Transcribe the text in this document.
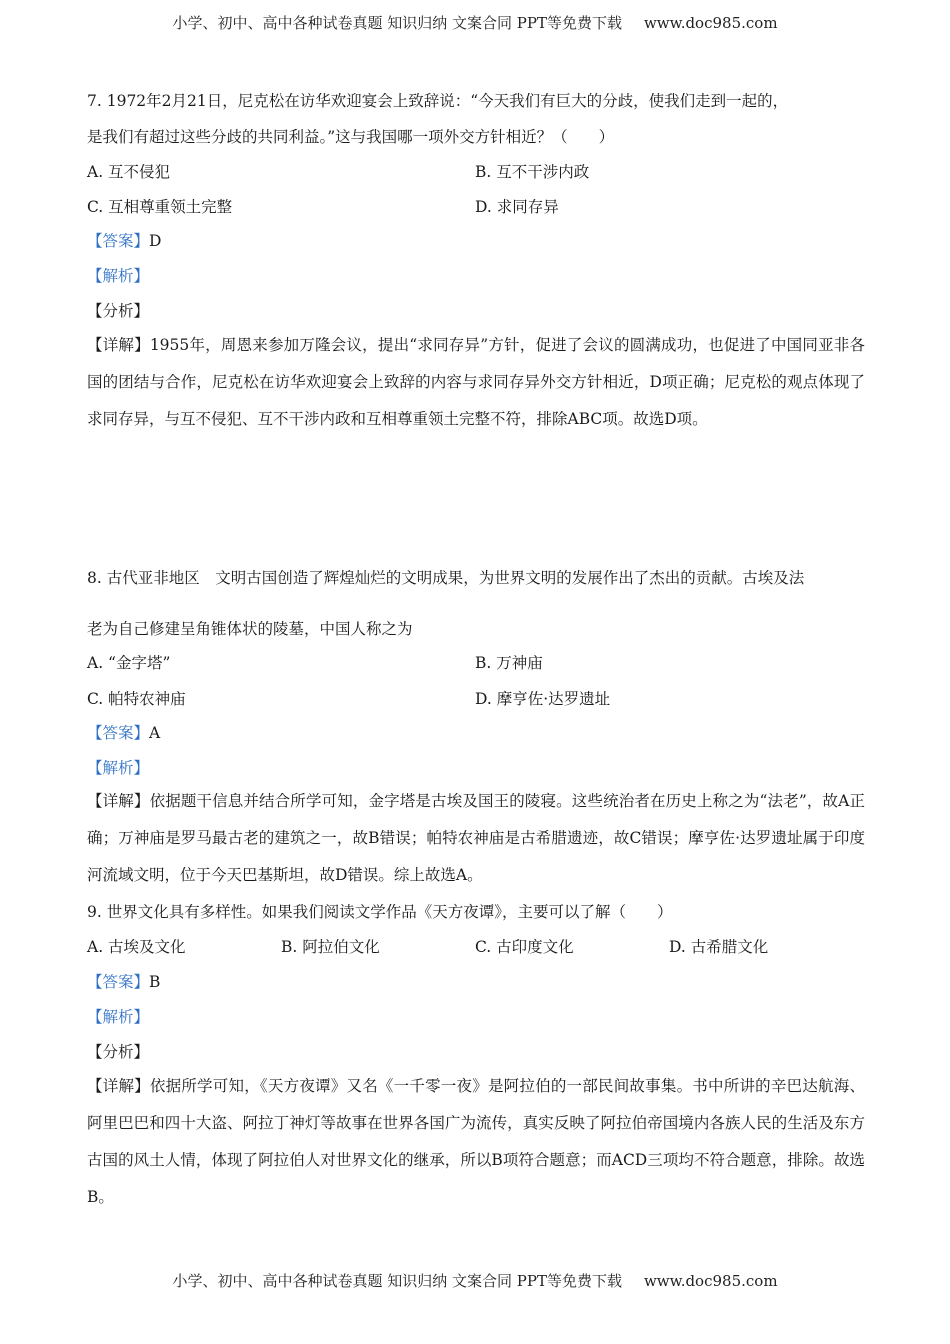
小学、初中、高中各种试卷真题 知识归纳 文案合同 PPT等免费下载 www.doc985.com
7. 1972年2月21日，尼克松在访华欢迎宴会上致辞说：“今天我们有巨大的分歧，使我们走到一起的，
是我们有超过这些分歧的共同利益。”这与我国哪一项外交方针相近？（　　）
A. 互不侵犯	B. 互不干涉内政
C. 互相尊重领土完整	D. 求同存异
【答案】D
【解析】
【分析】
【详解】1955年，周恩来参加万隆会议，提出“求同存异”方针，促进了会议的圆满成功，也促进了中国同亚非各国的团结与合作，尼克松在访华欢迎宴会上致辞的内容与求同存异外交方针相近，D项正确；尼克松的观点体现了求同存异，与互不侵犯、互不干涉内政和互相尊重领土完整不符，排除ABC项。故选D项。
8. 古代亚非地区　文明古国创造了辉煌灿烂的文明成果，为世界文明的发展作出了杰出的贡献。古埃及法
老为自己修建呈角锥体状的陵墓，中国人称之为
A. “金字塔”	B. 万神庙
C. 帕特农神庙	D. 摩亨佐·达罗遗址
【答案】A
【解析】
【详解】依据题干信息并结合所学可知，金字塔是古埃及国王的陵寝。这些统治者在历史上称之为“法老”，故A正确；万神庙是罗马最古老的建筑之一，故B错误；帕特农神庙是古希腊遗迹，故C错误；摩亨佐·达罗遗址属于印度河流域文明，位于今天巴基斯坦，故D错误。综上故选A。
9. 世界文化具有多样性。如果我们阅读文学作品《天方夜谭》，主要可以了解（　　）
A. 古埃及文化	B. 阿拉伯文化	C. 古印度文化	D. 古希腊文化
【答案】B
【解析】
【分析】
【详解】依据所学可知，《天方夜谭》又名《一千零一夜》是阿拉伯的一部民间故事集。书中所讲的辛巴达航海、阿里巴巴和四十大盗、阿拉丁神灯等故事在世界各国广为流传，真实反映了阿拉伯帝国境内各族人民的生活及东方古国的风土人情，体现了阿拉伯人对世界文化的继承，所以B项符合题意；而ACD三项均不符合题意，排除。故选B。
小学、初中、高中各种试卷真题 知识归纳 文案合同 PPT等免费下载 www.doc985.com
